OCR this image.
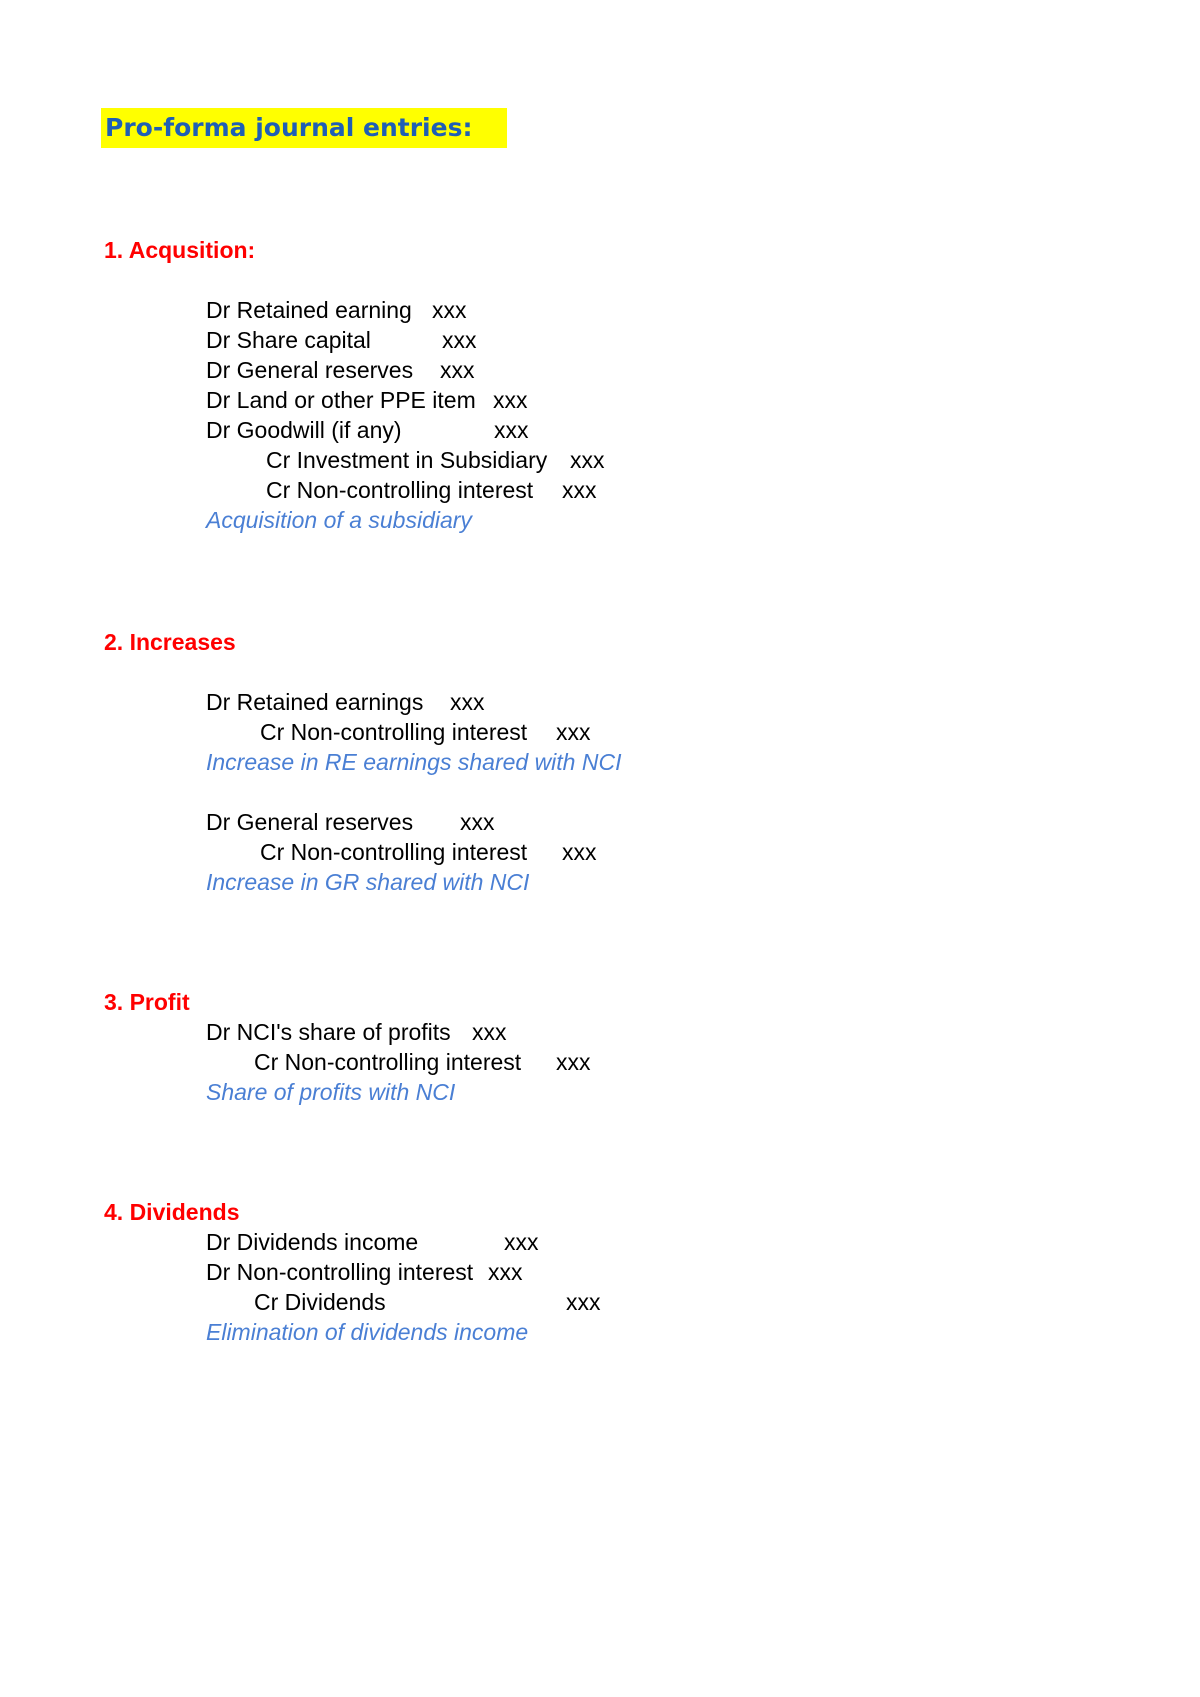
Pro-forma journal entries:
1. Acqusition:
Dr Retained earning xxx
Dr Share capital	xxx
Dr General reserves xxx
Dr Land or other PPE item xxx
Dr Goodwill (if any)	xxx
Cr Investment in Subsidiary xxx
Cr Non-controlling interest xxx
Acquisition of a subsidiary
2. Increases
Dr Retained earnings xxx
Cr Non-controlling interest xxx
Increase in RE earnings shared with NCI
Dr General reserves xxx
Cr Non-controlling interest xxx
Increase in GR shared with NCI
3. Profit
Dr NCI's share of profits xxx
Cr Non-controlling interest xxx
Share of profits with NCI
4. Dividends
Dr Dividends income	xxx
Dr Non-controlling interest xxx
Cr Dividends	xxx
Elimination of dividends income
